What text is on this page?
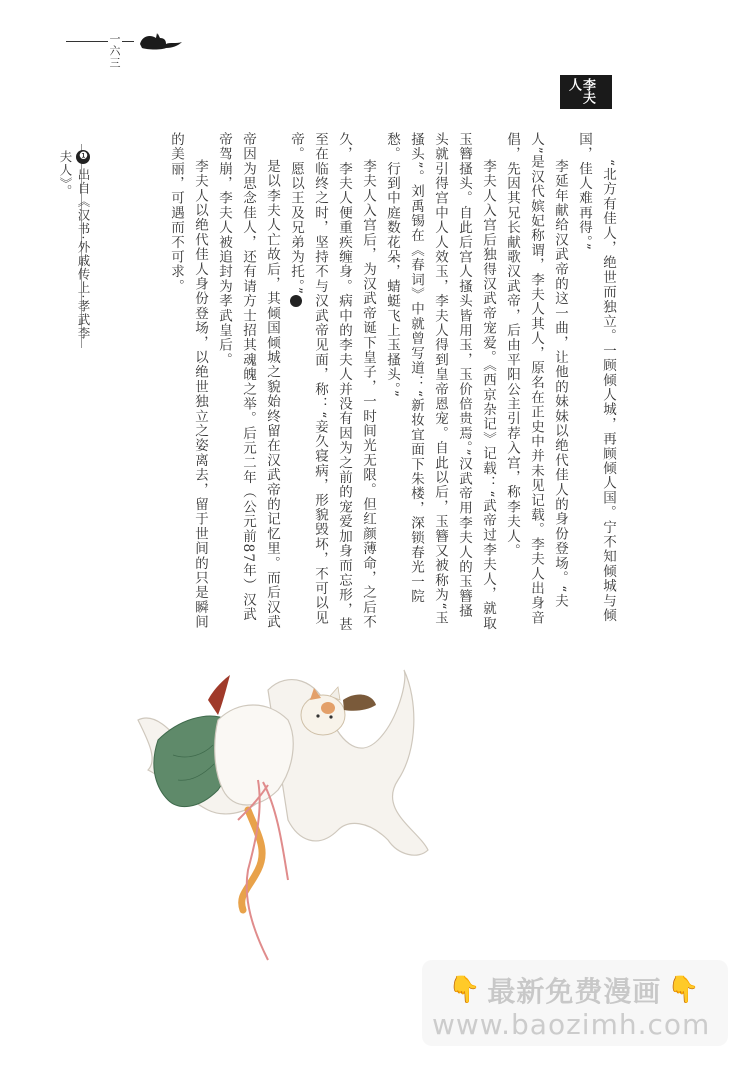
一六三
李夫人

“北方有佳人，绝世而独立。一顾倾人城，再顾倾人国。宁不知倾城与倾国，佳人难再得。”

李延年献给汉武帝的这一曲，让他的妹妹以绝代佳人的身份登场。“夫人”是汉代嫔妃称谓，李夫人其人，原名在正史中并未见记载。李夫人出身音倡，先因其兄长献歌汉武帝，后由平阳公主引荐入宫，称李夫人。

李夫人入宫后独得汉武帝宠爱。《西京杂记》记载：“武帝过李夫人，就取玉簪搔头。自此后宫人搔头皆用玉，玉价倍贵焉。”汉武帝用李夫人的玉簪搔头就引得宫中人人效玉，李夫人得到皇帝恩宠。自此以后，玉簪又被称为“玉搔头”。刘禹锡在《春词》中就曾写道：“新妆宜面下朱楼，深锁春光一院愁。行到中庭数花朵，蜻蜓飞上玉搔头。”

李夫人入宫后，为汉武帝诞下皇子，一时间光无限。但红颜薄命，之后不久，李夫人便重疾缠身。病中的李夫人并没有因为之前的宠爱加身而忘形，甚至在临终之时，坚持不与汉武帝见面，称：“妾久寝病，形貌毁坏，不可以见帝。愿以王及兄弟为托。”❶

是以李夫人亡故后，其倾国倾城之貌始终留在汉武帝的记忆里。而后汉武帝因为思念佳人，还有请方士招其魂魄之举。后元二年（公元前87年）汉武帝驾崩，李夫人被追封为孝武皇后。

李夫人以绝代佳人身份登场，以绝世独立之姿离去，留于世间的只是瞬间的美丽，可遇而不可求。

❶出自《汉书·外戚传上·孝武李夫人》。
👇 最新免费漫画 👇
www.baozimh.com
